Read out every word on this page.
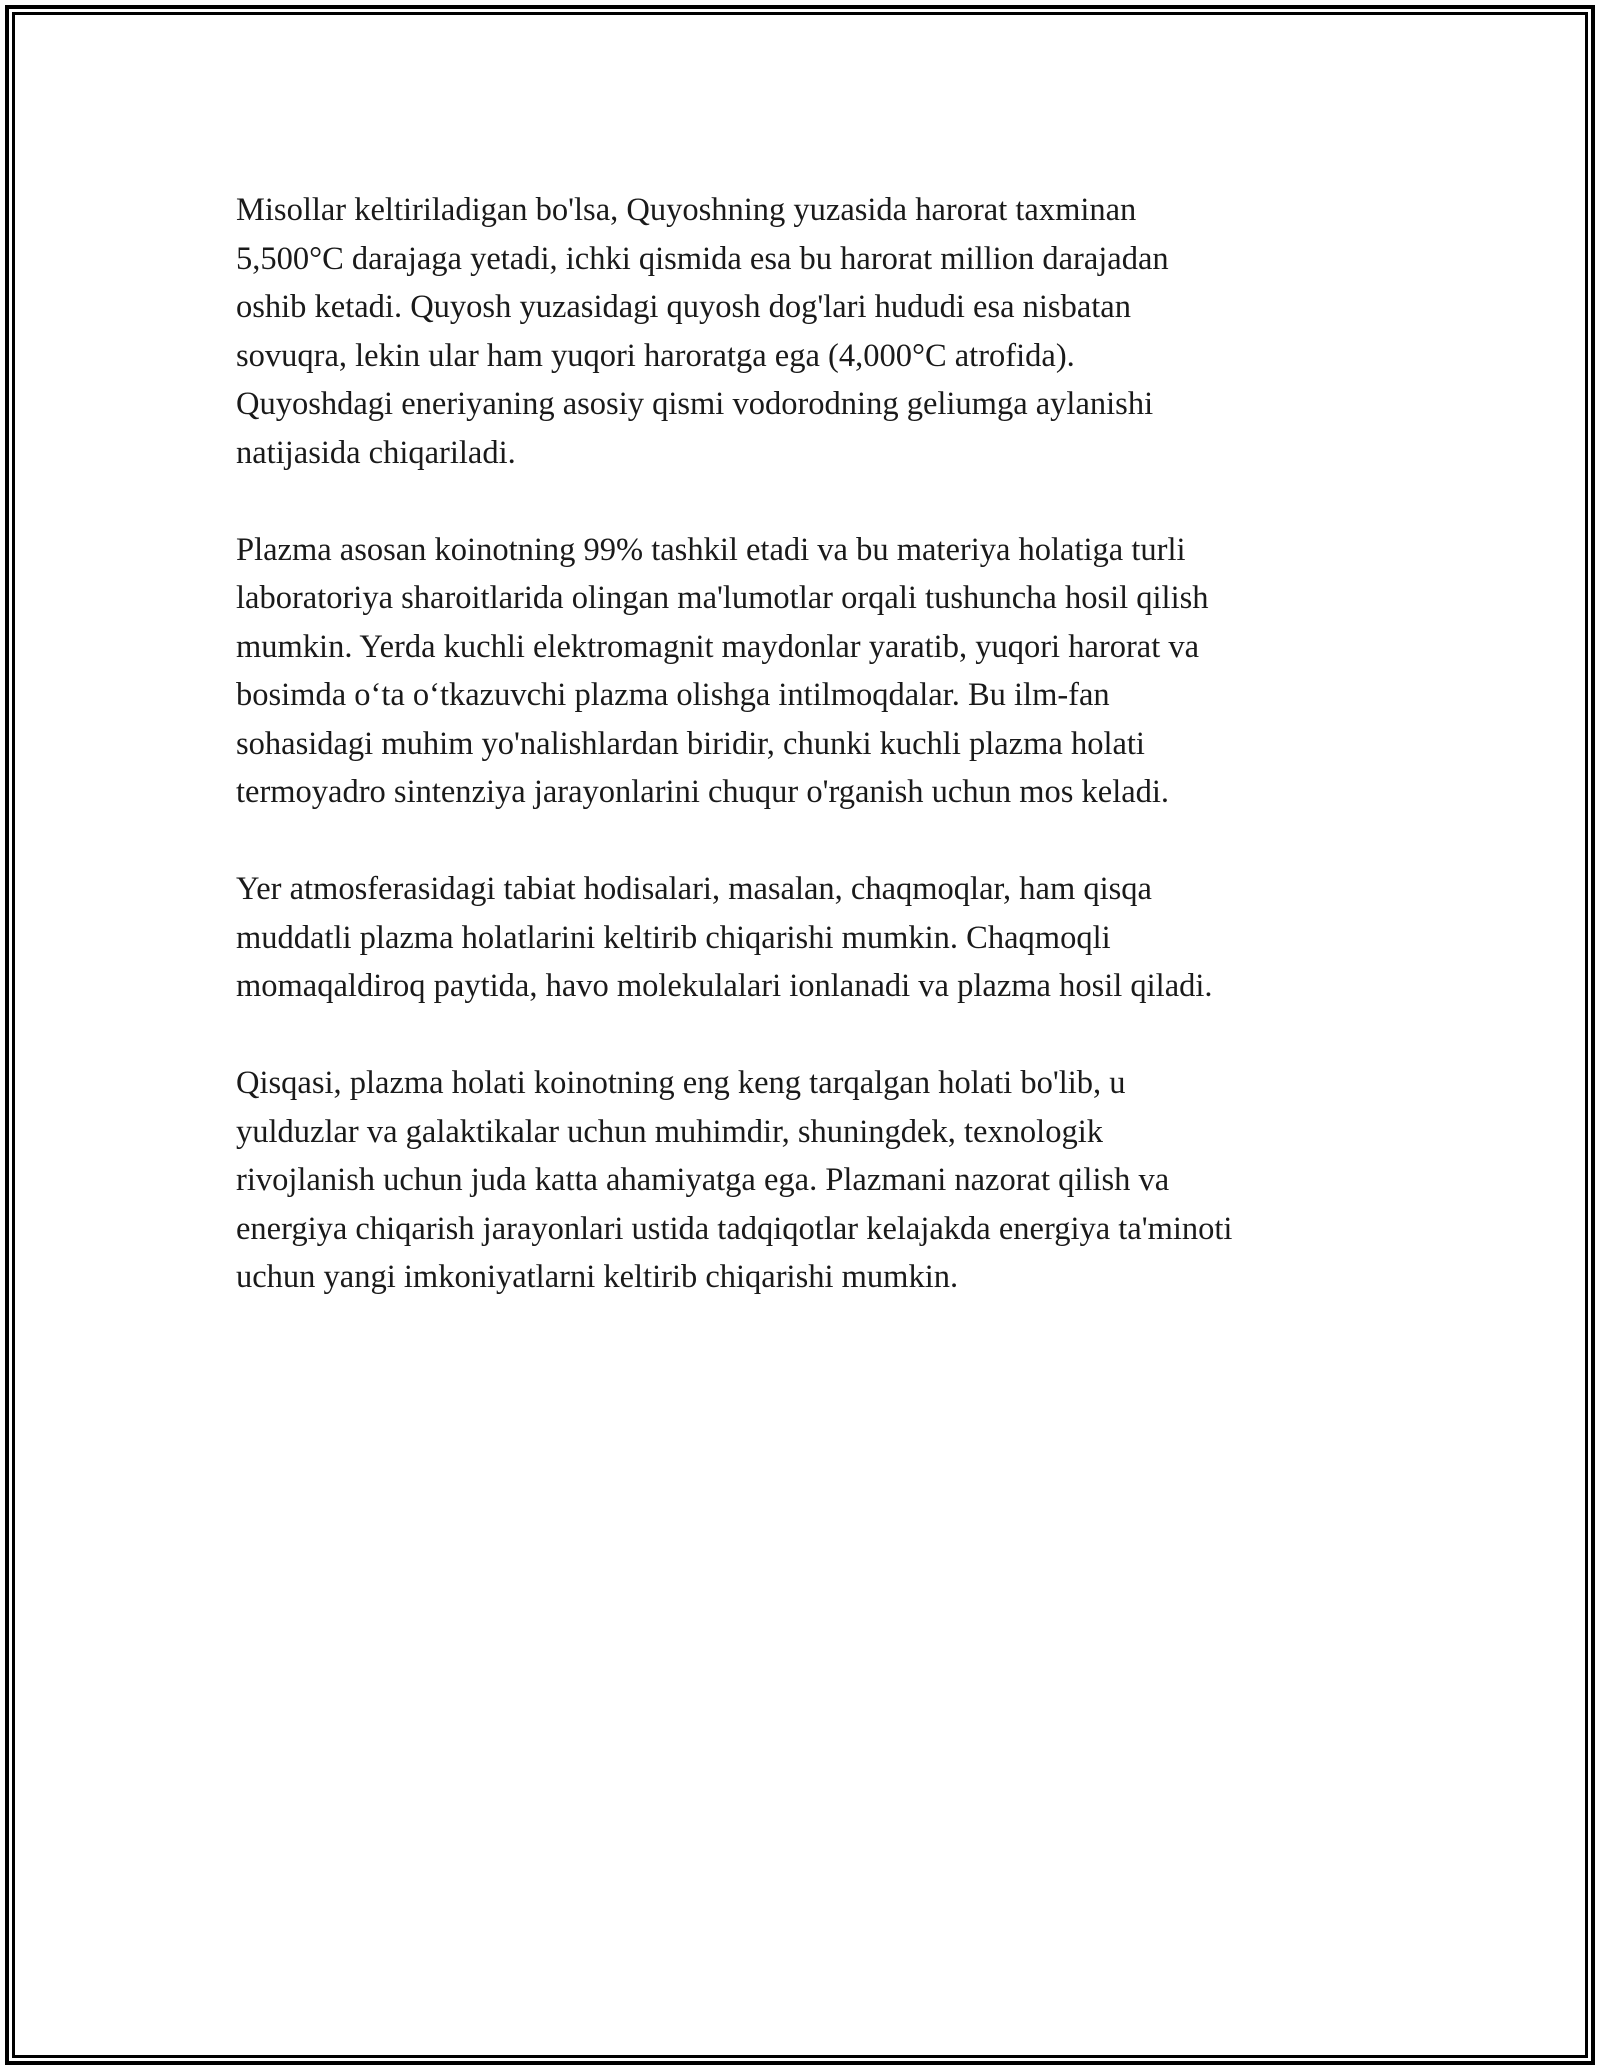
Misollar keltiriladigan bo'lsa, Quyoshning yuzasida harorat taxminan
5,500°C darajaga yetadi, ichki qismida esa bu harorat million darajadan
oshib ketadi. Quyosh yuzasidagi quyosh dog'lari hududi esa nisbatan
sovuqra, lekin ular ham yuqori haroratga ega (4,000°C atrofida).
Quyoshdagi eneriyaning asosiy qismi vodorodning geliumga aylanishi
natijasida chiqariladi.

Plazma asosan koinotning 99% tashkil etadi va bu materiya holatiga turli
laboratoriya sharoitlarida olingan ma'lumotlar orqali tushuncha hosil qilish
mumkin. Yerda kuchli elektromagnit maydonlar yaratib, yuqori harorat va
bosimda o‘ta o‘tkazuvchi plazma olishga intilmoqdalar. Bu ilm-fan
sohasidagi muhim yo'nalishlardan biridir, chunki kuchli plazma holati
termoyadro sintenziya jarayonlarini chuqur o'rganish uchun mos keladi.

Yer atmosferasidagi tabiat hodisalari, masalan, chaqmoqlar, ham qisqa
muddatli plazma holatlarini keltirib chiqarishi mumkin. Chaqmoqli
momaqaldiroq paytida, havo molekulalari ionlanadi va plazma hosil qiladi.

Qisqasi, plazma holati koinotning eng keng tarqalgan holati bo'lib, u
yulduzlar va galaktikalar uchun muhimdir, shuningdek, texnologik
rivojlanish uchun juda katta ahamiyatga ega. Plazmani nazorat qilish va
energiya chiqarish jarayonlari ustida tadqiqotlar kelajakda energiya ta'minoti
uchun yangi imkoniyatlarni keltirib chiqarishi mumkin.
